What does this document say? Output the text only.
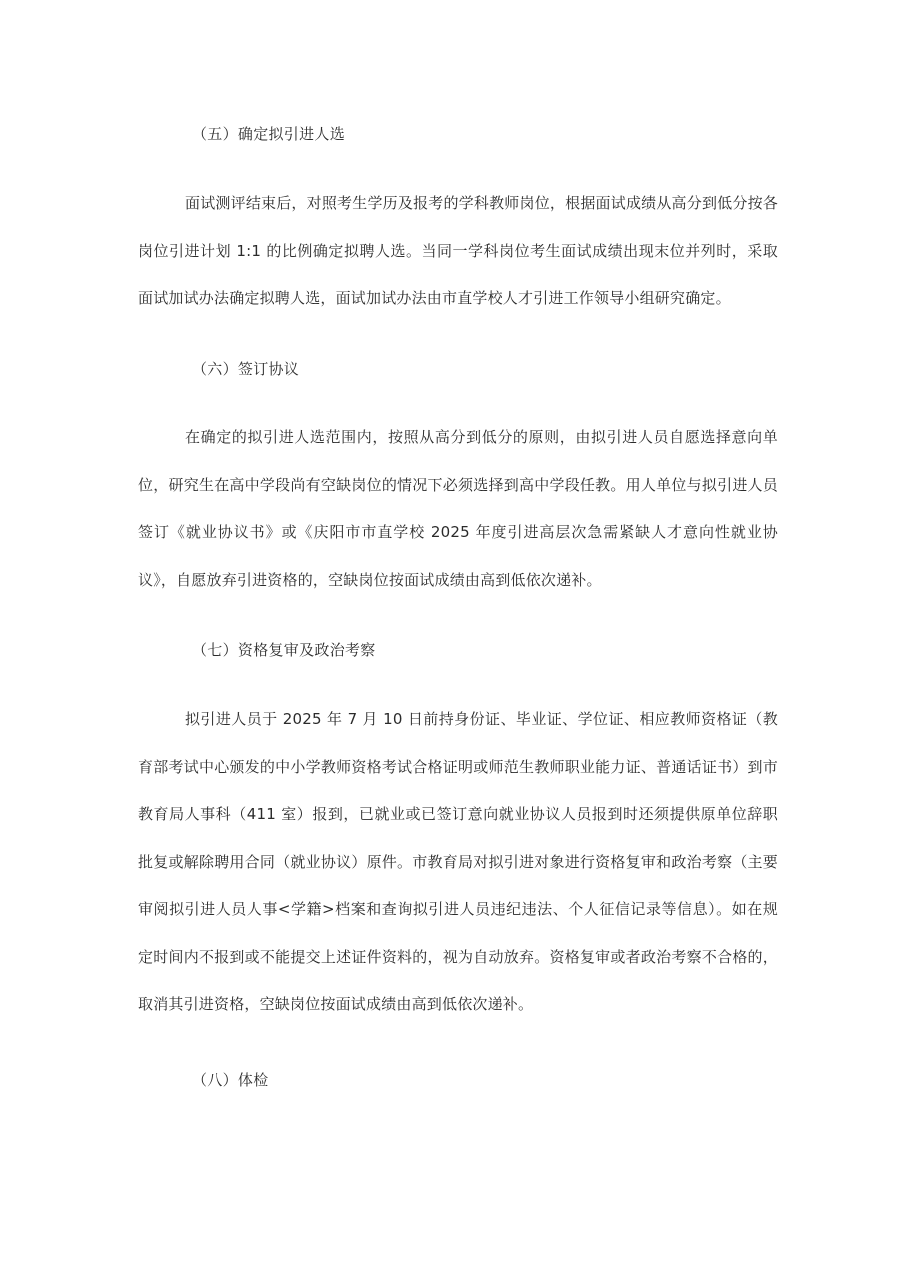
（五）确定拟引进人选

面试测评结束后，对照考生学历及报考的学科教师岗位，根据面试成绩从高分到低分按各岗位引进计划 1:1 的比例确定拟聘人选。当同一学科岗位考生面试成绩出现末位并列时，采取面试加试办法确定拟聘人选，面试加试办法由市直学校人才引进工作领导小组研究确定。

（六）签订协议

在确定的拟引进人选范围内，按照从高分到低分的原则，由拟引进人员自愿选择意向单位，研究生在高中学段尚有空缺岗位的情况下必须选择到高中学段任教。用人单位与拟引进人员签订《就业协议书》或《庆阳市市直学校 2025 年度引进高层次急需紧缺人才意向性就业协议》，自愿放弃引进资格的，空缺岗位按面试成绩由高到低依次递补。

（七）资格复审及政治考察

拟引进人员于 2025 年 7 月 10 日前持身份证、毕业证、学位证、相应教师资格证（教育部考试中心颁发的中小学教师资格考试合格证明或师范生教师职业能力证、普通话证书）到市教育局人事科（411 室）报到，已就业或已签订意向就业协议人员报到时还须提供原单位辞职批复或解除聘用合同（就业协议）原件。市教育局对拟引进对象进行资格复审和政治考察（主要审阅拟引进人员人事<学籍>档案和查询拟引进人员违纪违法、个人征信记录等信息）。如在规定时间内不报到或不能提交上述证件资料的，视为自动放弃。资格复审或者政治考察不合格的，取消其引进资格，空缺岗位按面试成绩由高到低依次递补。

（八）体检
